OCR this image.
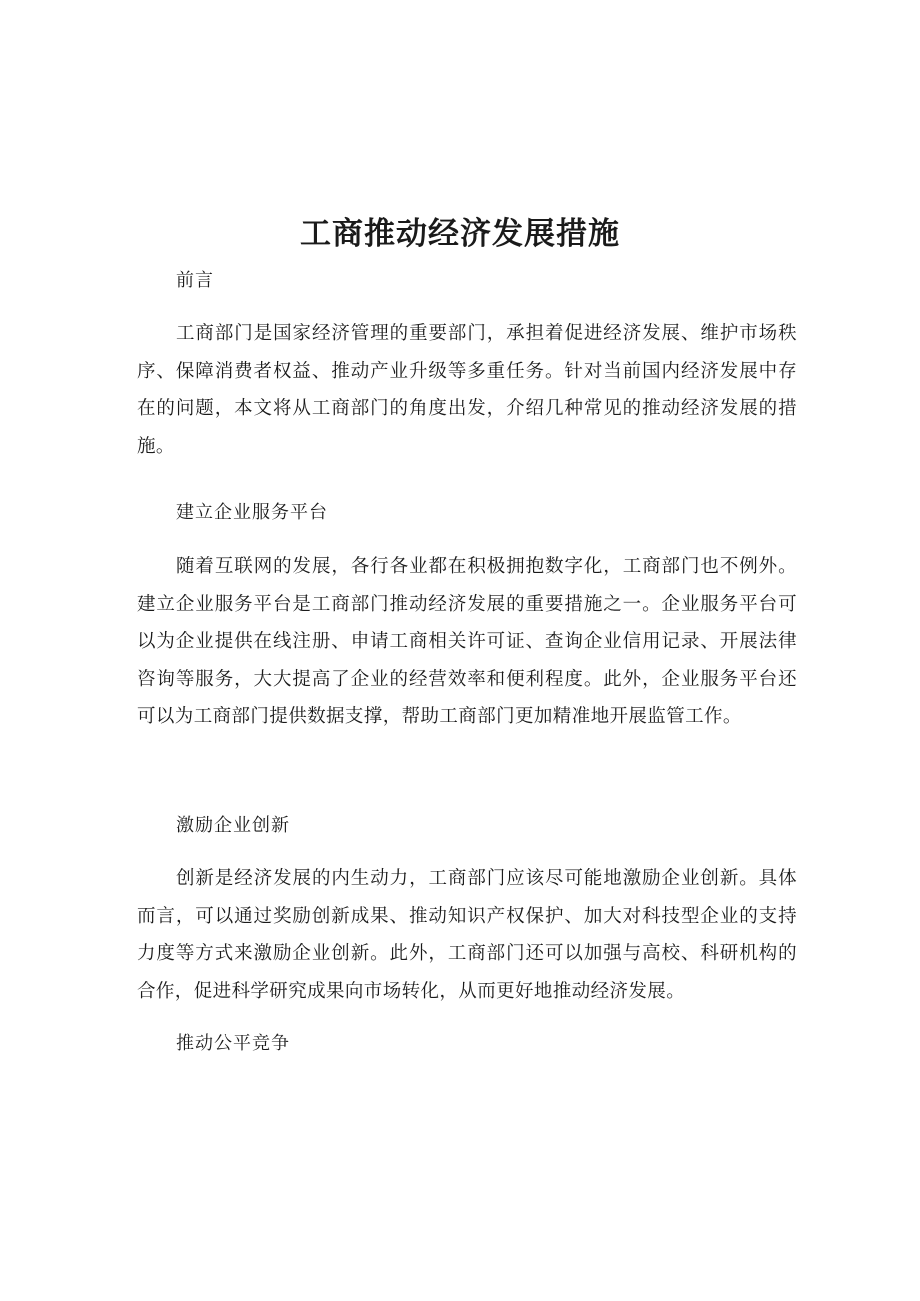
工商推动经济发展措施
前言
工商部门是国家经济管理的重要部门，承担着促进经济发展、维护市场秩序、保障消费者权益、推动产业升级等多重任务。针对当前国内经济发展中存在的问题，本文将从工商部门的角度出发，介绍几种常见的推动经济发展的措施。
建立企业服务平台
随着互联网的发展，各行各业都在积极拥抱数字化，工商部门也不例外。建立企业服务平台是工商部门推动经济发展的重要措施之一。企业服务平台可以为企业提供在线注册、申请工商相关许可证、查询企业信用记录、开展法律咨询等服务，大大提高了企业的经营效率和便利程度。此外，企业服务平台还可以为工商部门提供数据支撑，帮助工商部门更加精准地开展监管工作。
激励企业创新
创新是经济发展的内生动力，工商部门应该尽可能地激励企业创新。具体而言，可以通过奖励创新成果、推动知识产权保护、加大对科技型企业的支持力度等方式来激励企业创新。此外，工商部门还可以加强与高校、科研机构的合作，促进科学研究成果向市场转化，从而更好地推动经济发展。
推动公平竞争
